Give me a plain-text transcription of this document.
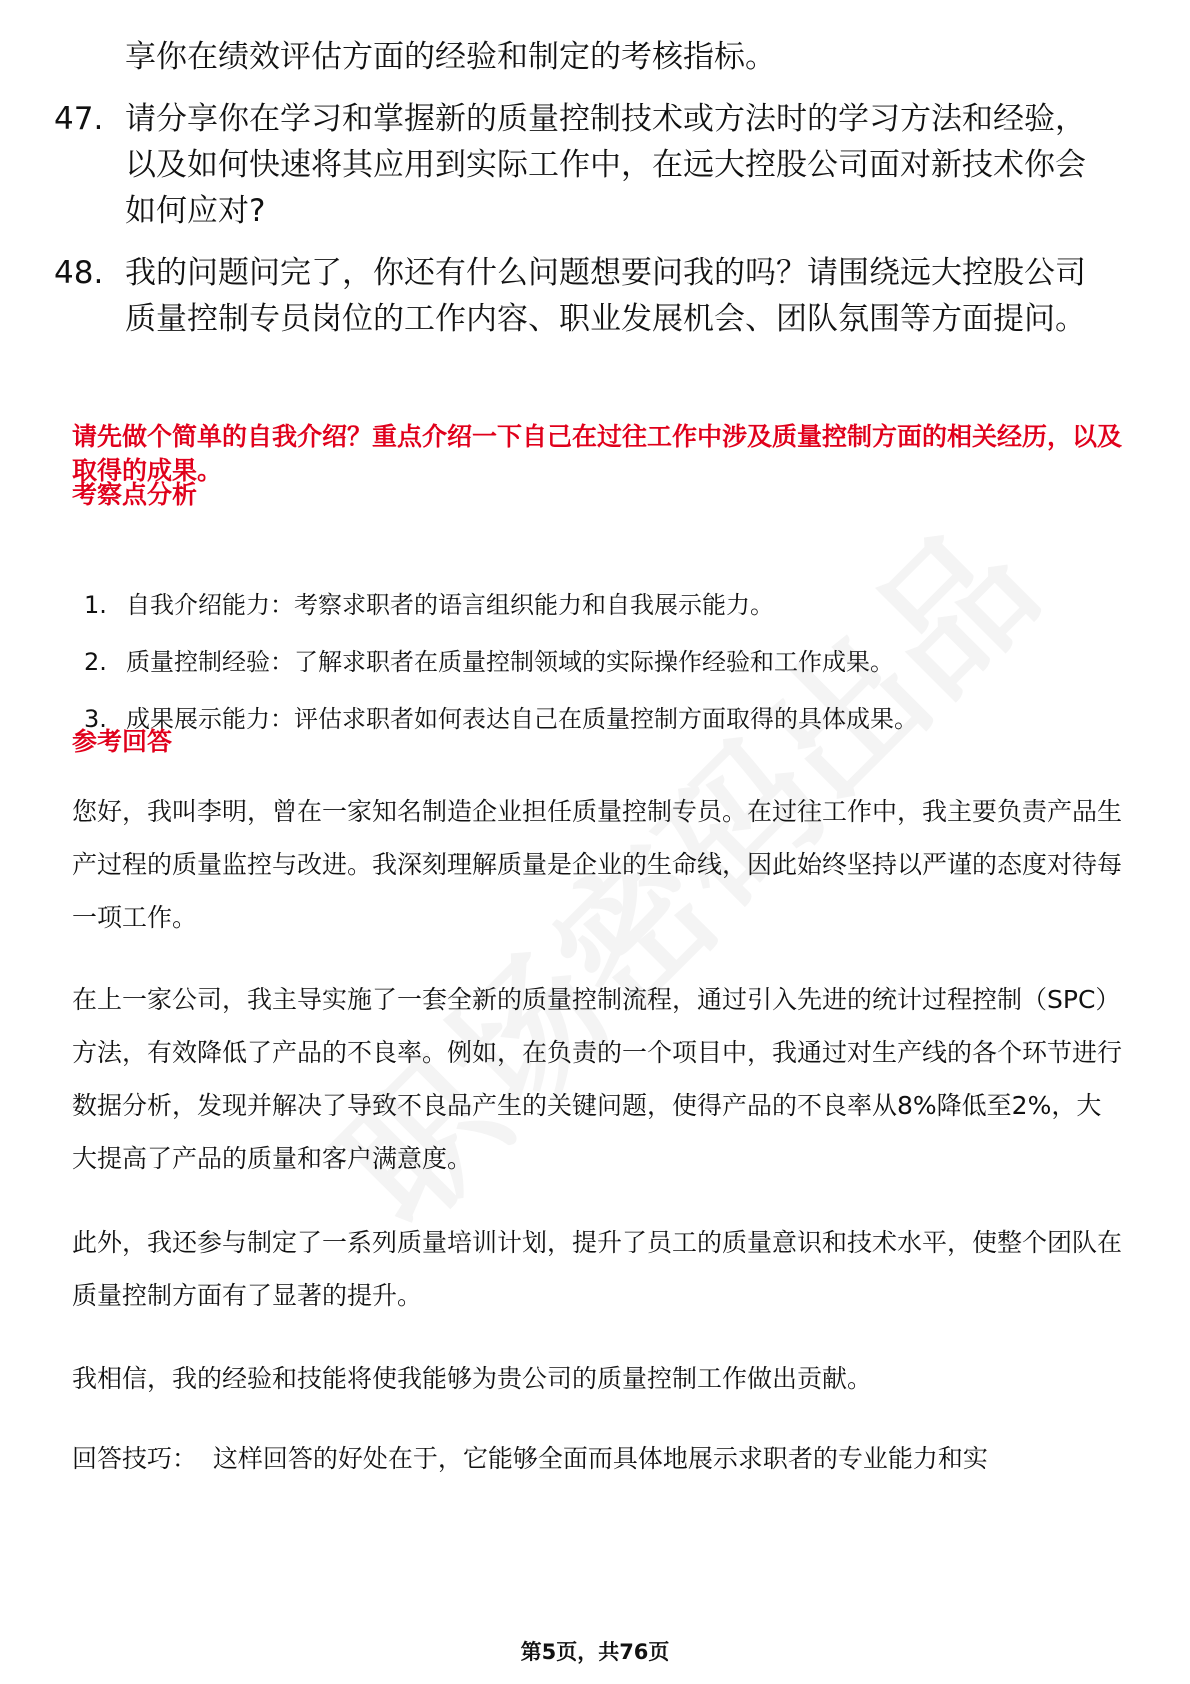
享你在绩效评估方面的经验和制定的考核指标。
47. 请分享你在学习和掌握新的质量控制技术或方法时的学习方法和经验，以及如何快速将其应用到实际工作中，在远大控股公司面对新技术你会如何应对?
48. 我的问题问完了，你还有什么问题想要问我的吗？请围绕远大控股公司质量控制专员岗位的工作内容、职业发展机会、团队氛围等方面提问。
请先做个简单的自我介绍？重点介绍一下自己在过往工作中涉及质量控制方面的相关经历，以及取得的成果。
考察点分析
1. 自我介绍能力：考察求职者的语言组织能力和自我展示能力。
2. 质量控制经验：了解求职者在质量控制领域的实际操作经验和工作成果。
3. 成果展示能力：评估求职者如何表达自己在质量控制方面取得的具体成果。
参考回答
您好，我叫李明，曾在一家知名制造企业担任质量控制专员。在过往工作中，我主要负责产品生产过程的质量监控与改进。我深刻理解质量是企业的生命线，因此始终坚持以严谨的态度对待每一项工作。
在上一家公司，我主导实施了一套全新的质量控制流程，通过引入先进的统计过程控制（SPC）方法，有效降低了产品的不良率。例如，在负责的一个项目中，我通过对生产线的各个环节进行数据分析，发现并解决了导致不良品产生的关键问题，使得产品的不良率从8%降低至2%，大大提高了产品的质量和客户满意度。
此外，我还参与制定了一系列质量培训计划，提升了员工的质量意识和技术水平，使整个团队在质量控制方面有了显著的提升。
我相信，我的经验和技能将使我能够为贵公司的质量控制工作做出贡献。
回答技巧：  这样回答的好处在于，它能够全面而具体地展示求职者的专业能力和实
第5页，共76页
